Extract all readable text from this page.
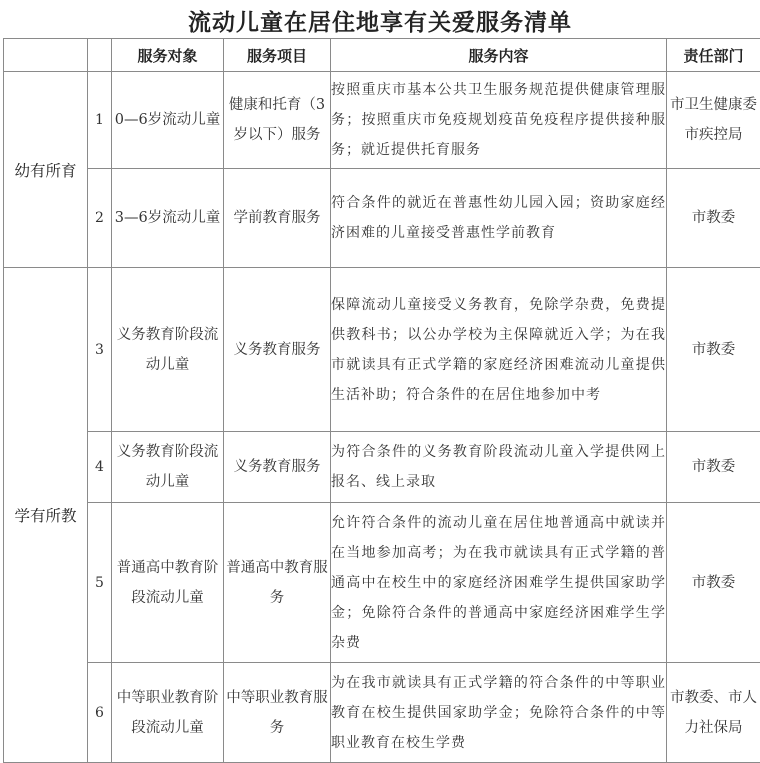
流动儿童在居住地享有关爱服务清单
		服务对象	服务项目	服务内容	责任部门
幼有所育	1	0—6岁流动儿童	健康和托育（3岁以下）服务	按照重庆市基本公共卫生服务规范提供健康管理服务；按照重庆市免疫规划疫苗免疫程序提供接种服务；就近提供托育服务	市卫生健康委市疾控局
	2	3—6岁流动儿童	学前教育服务	符合条件的就近在普惠性幼儿园入园；资助家庭经济困难的儿童接受普惠性学前教育	市教委
学有所教	3	义务教育阶段流动儿童	义务教育服务	保障流动儿童接受义务教育，免除学杂费，免费提供教科书；以公办学校为主保障就近入学；为在我市就读具有正式学籍的家庭经济困难流动儿童提供生活补助；符合条件的在居住地参加中考	市教委
	4	义务教育阶段流动儿童	义务教育服务	为符合条件的义务教育阶段流动儿童入学提供网上报名、线上录取	市教委
	5	普通高中教育阶段流动儿童	普通高中教育服务	允许符合条件的流动儿童在居住地普通高中就读并在当地参加高考；为在我市就读具有正式学籍的普通高中在校生中的家庭经济困难学生提供国家助学金；免除符合条件的普通高中家庭经济困难学生学杂费	市教委
	6	中等职业教育阶段流动儿童	中等职业教育服务	为在我市就读具有正式学籍的符合条件的中等职业教育在校生提供国家助学金；免除符合条件的中等职业教育在校生学费	市教委、市人力社保局
